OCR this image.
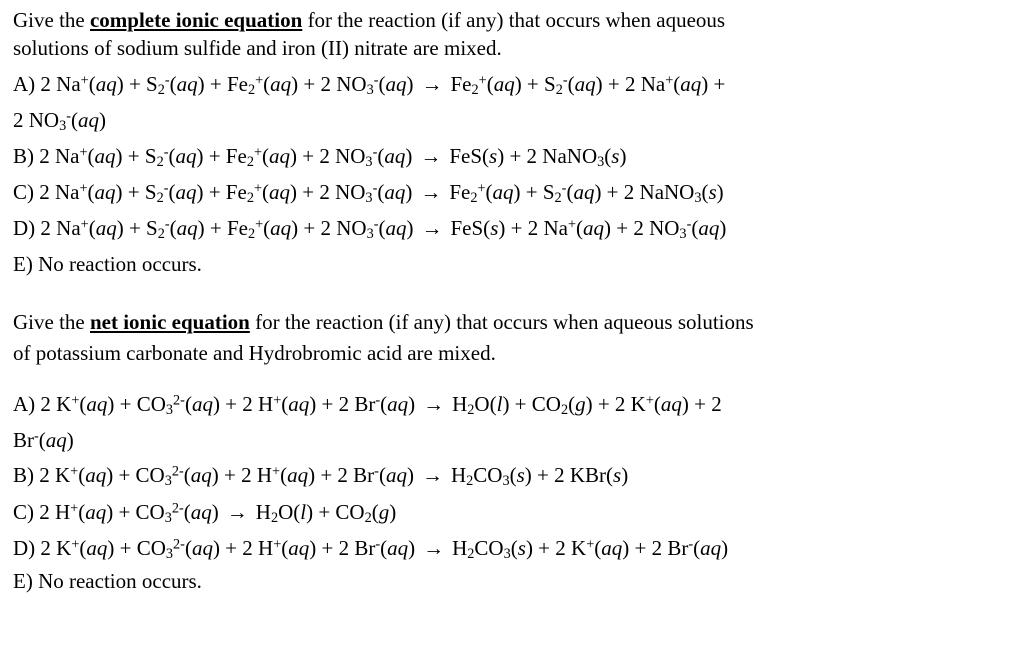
Give the complete ionic equation for the reaction (if any) that occurs when aqueous
solutions of sodium sulfide and iron (II) nitrate are mixed.
A) 2 $Na^+(aq) + S_2^-(aq) + Fe_2^+(aq) + 2$ $NO_3^-(aq) \to Fe_2^+(aq) + S_2^-(aq) + 2$ Na+(aq) +
2 $NO_3^-(aq)$
B) 2 $Na^+(aq) + S_2^-(aq) + Fe_2^+(aq) + 2$ $NO_3^-(aq) \to FeS(s) + 2$ NaNO$_3$(s)
C) 2 $Na^+(aq) + S_2^-(aq) + Fe_2^+(aq) + 2$ $NO_3^-(aq) \to Fe_2^+(aq) + S_2^-(aq) + 2$ NaNO$_3$(s)
D) 2 $Na^+(aq) + S_2^-(aq) + Fe_2^+(aq) + 2$ $NO_3^-(aq) \to FeS(s) + 2$ Na+(aq) + 2 $NO_3^-(aq)$
E) No reaction occurs.
Give the net ionic equation for the reaction (if any) that occurs when aqueous solutions
of potassium carbonate and Hydrobromic acid are mixed.
A) 2 $K^+(aq) + CO_3^{2-}(aq) + 2$ H+(aq) + 2 $Br^-(aq) \to H_2O(l) + CO_2(g) + 2$ K+(aq) + 2
Br-(aq)
B) 2 $K^+(aq) + CO_3^{2-}(aq) + 2$ H+(aq) + 2 $Br^-(aq) \to H_2CO_3(s) + 2$ KBr(s)
C) 2 $H^+(aq) + CO_3^{2-}(aq) \to H_2O(l) + CO_2(g)$
D) 2 $K^+(aq) + CO_3^{2-}(aq) + 2$ H+(aq) + 2 $Br^-(aq) \to H_2CO_3(s) + 2$ K+(aq) + 2 Br-(aq)
E) No reaction occurs.
